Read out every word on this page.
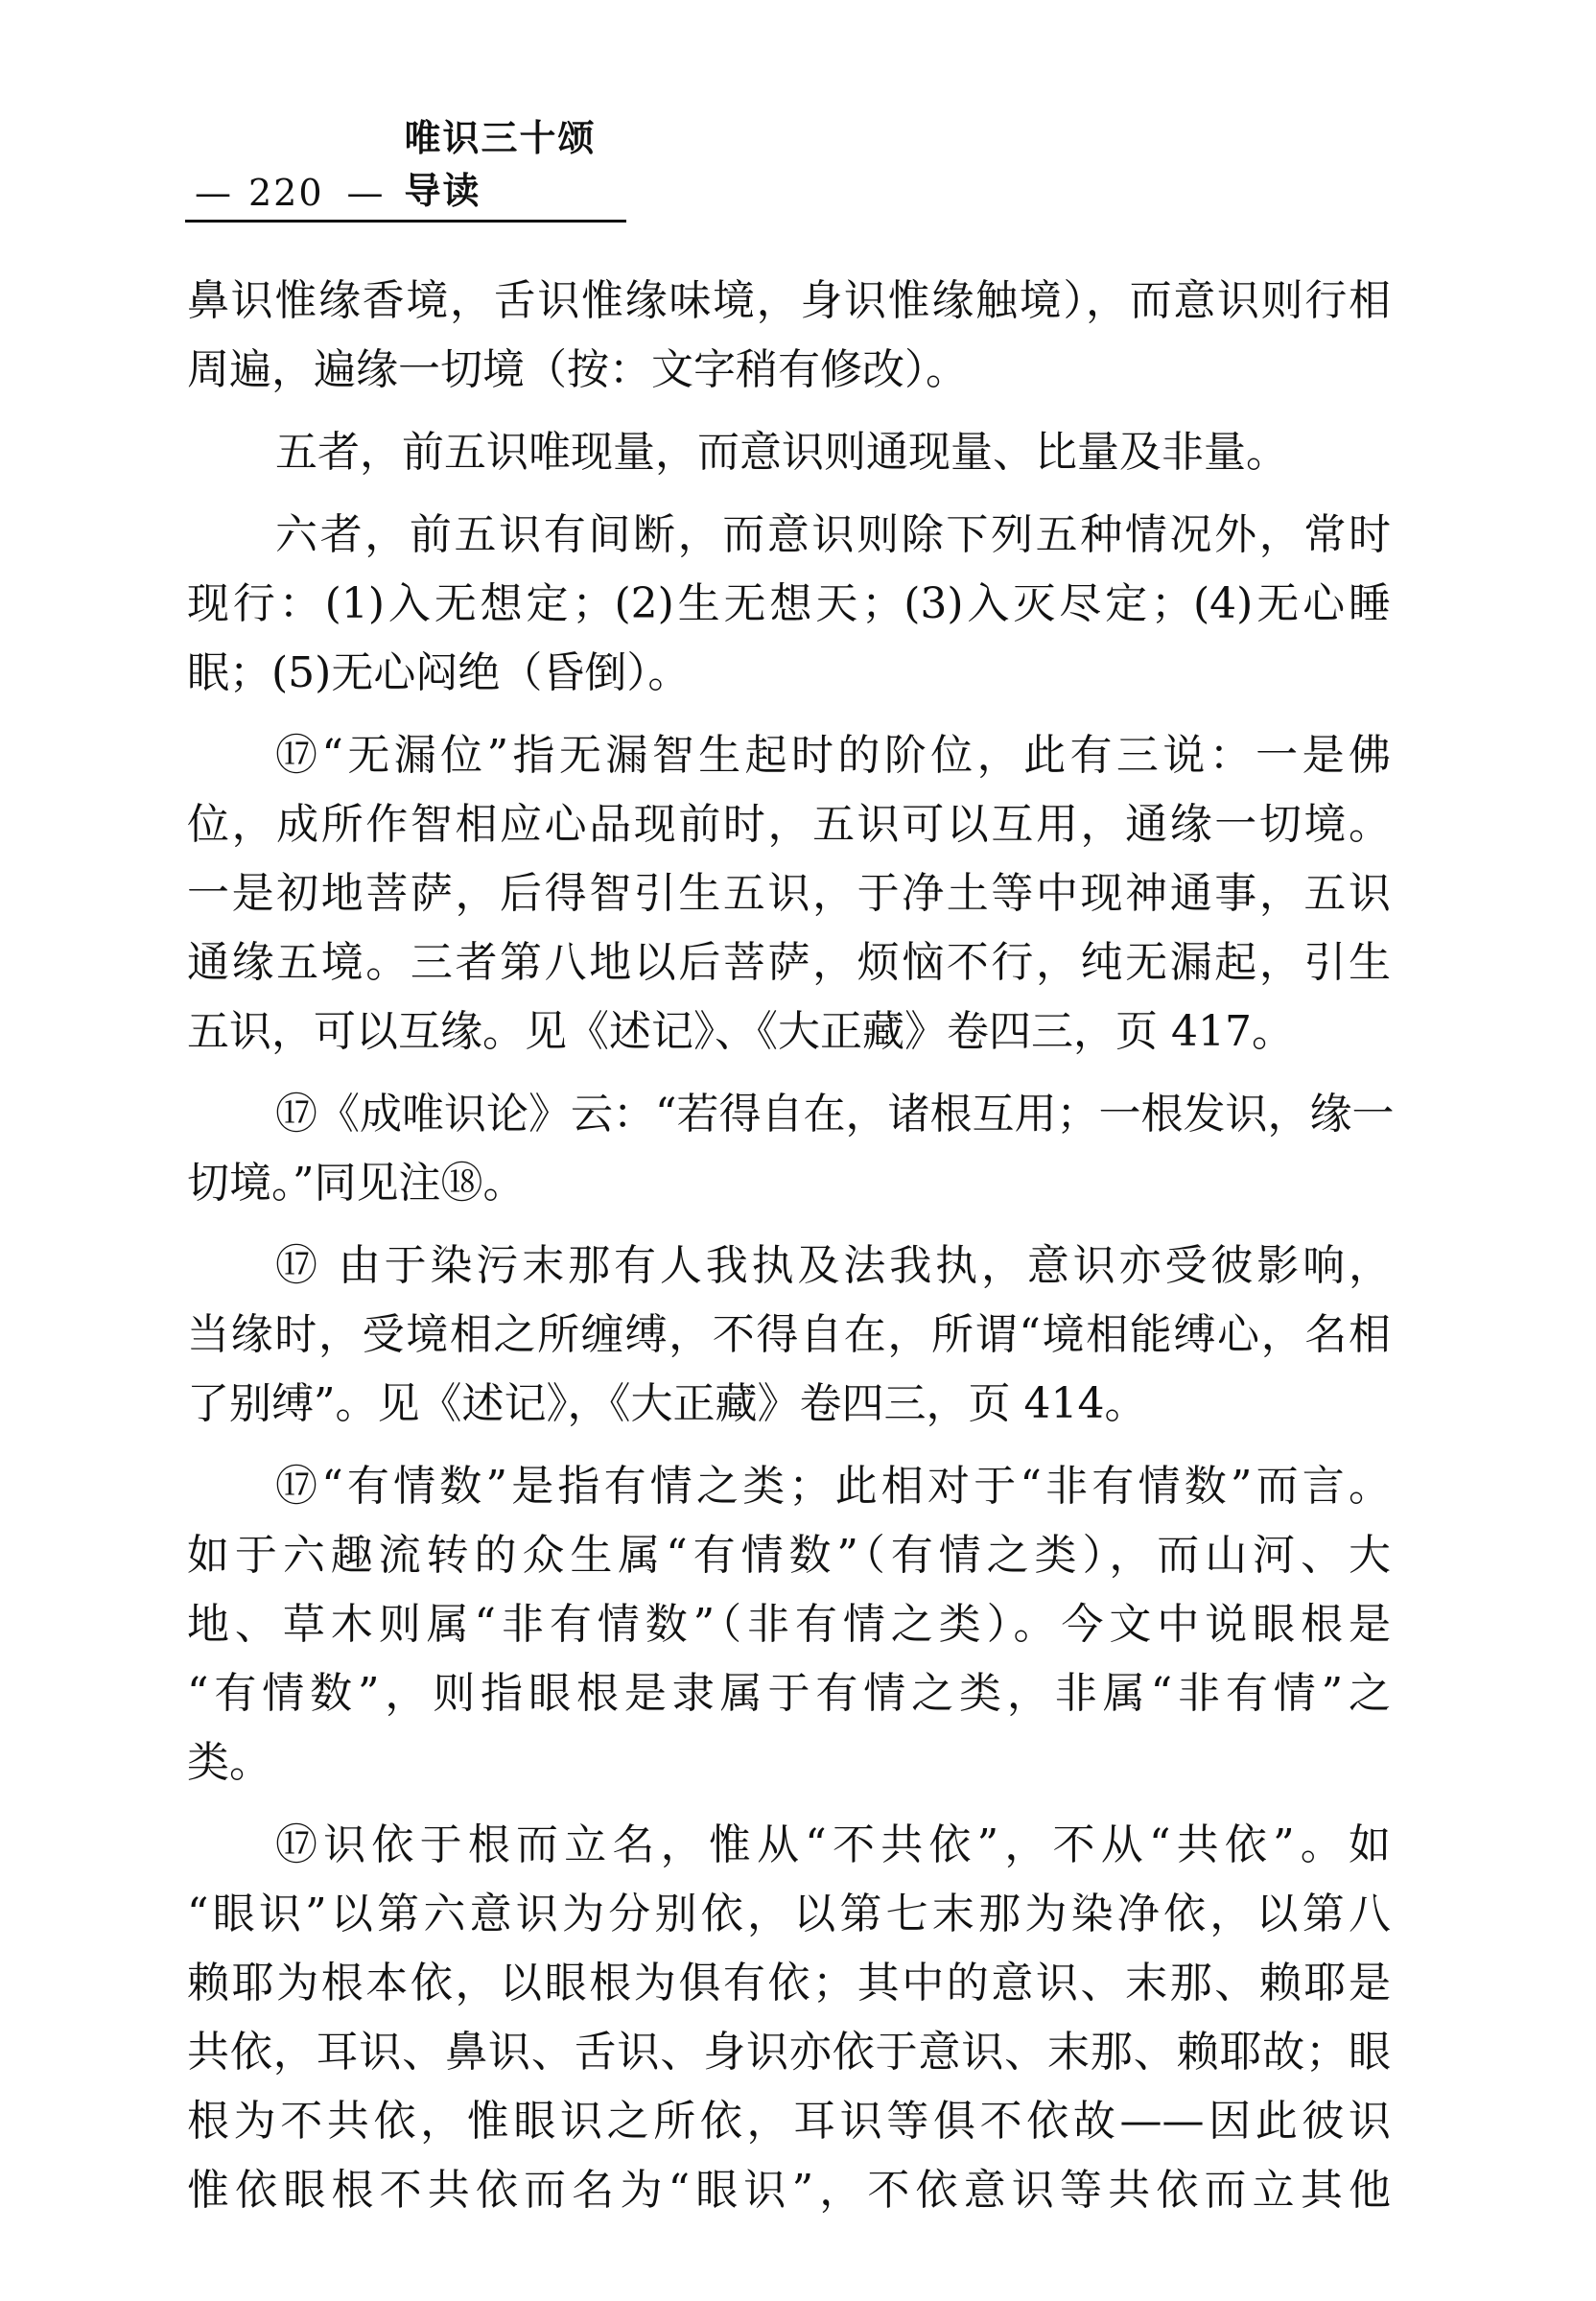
— 220 —
唯识三十颂导读
鼻识惟缘香境，舌识惟缘味境，身识惟缘触境），而意识则行相
周遍，遍缘一切境（按：文字稍有修改）。
五者，前五识唯现量，而意识则通现量、比量及非量。
六者，前五识有间断，而意识则除下列五种情况外，常时
现行：(1)入无想定；(2)生无想天；(3)入灭尽定；(4)无心睡
眠；(5)无心闷绝（昏倒）。
⑰“无漏位”指无漏智生起时的阶位，此有三说：一是佛
位，成所作智相应心品现前时，五识可以互用，通缘一切境。
一是初地菩萨，后得智引生五识，于净土等中现神通事，五识
通缘五境。三者第八地以后菩萨，烦恼不行，纯无漏起，引生
五识，可以互缘。见《述记》、《大正藏》卷四三，页 417。
⑰《成唯识论》云：“若得自在，诸根互用；一根发识，缘一
切境。”同见注⑱。
⑰ 由于染污末那有人我执及法我执，意识亦受彼影响，
当缘时，受境相之所缠缚，不得自在，所谓“境相能缚心，名相
了别缚”。见《述记》，《大正藏》卷四三，页 414。
⑰“有情数”是指有情之类；此相对于“非有情数”而言。
如于六趣流转的众生属“有情数”（有情之类），而山河、大
地、草木则属“非有情数”（非有情之类）。今文中说眼根是
“有情数”，则指眼根是隶属于有情之类，非属“非有情”之
类。
⑰识依于根而立名，惟从“不共依”，不从“共依”。如
“眼识”以第六意识为分别依，以第七末那为染净依，以第八
赖耶为根本依，以眼根为俱有依；其中的意识、末那、赖耶是
共依，耳识、鼻识、舌识、身识亦依于意识、末那、赖耶故；眼
根为不共依，惟眼识之所依，耳识等俱不依故——因此彼识
惟依眼根不共依而名为“眼识”，不依意识等共依而立其他
